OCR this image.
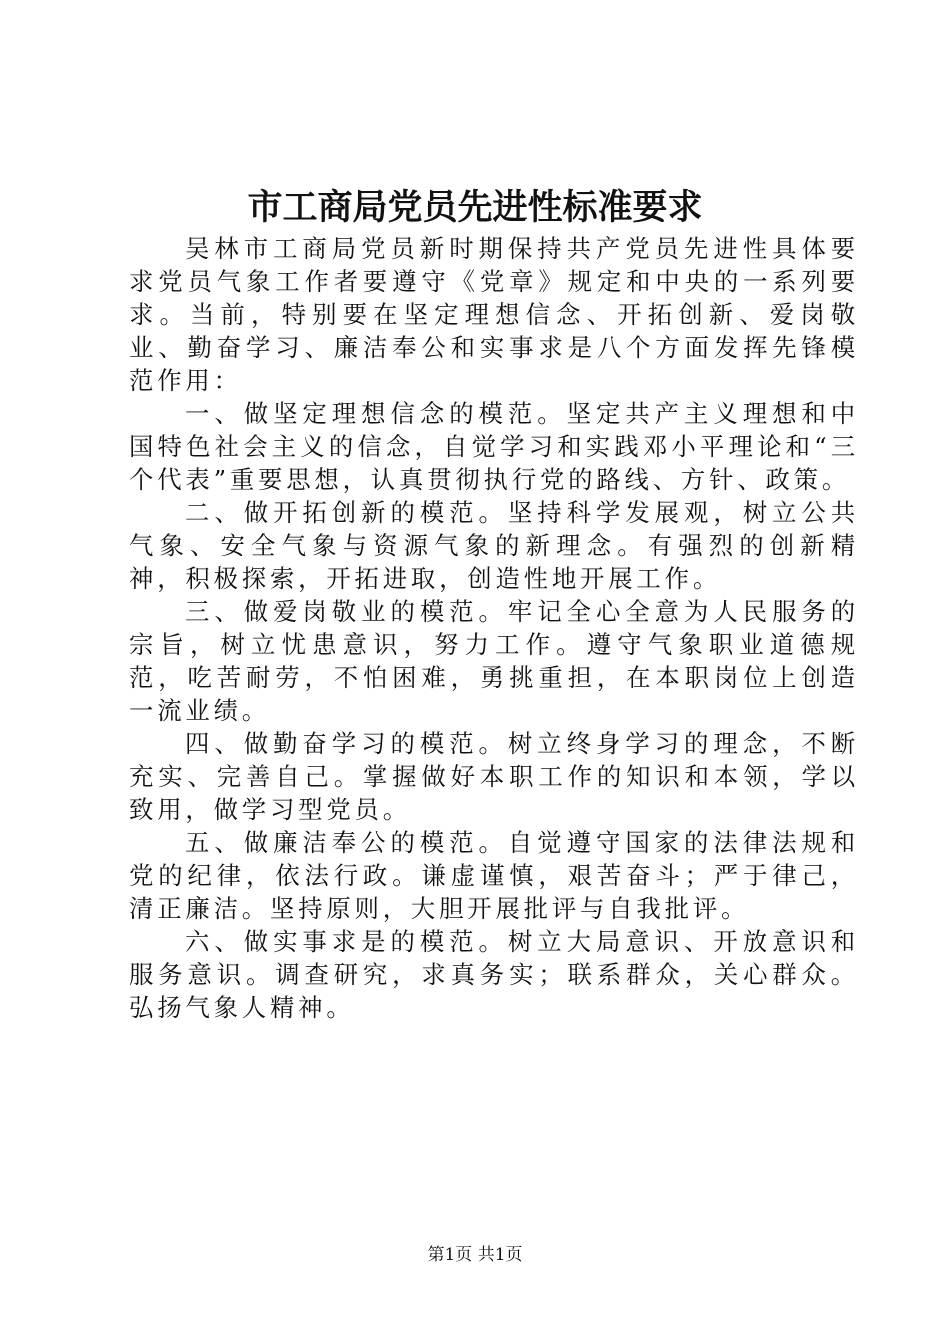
市工商局党员先进性标准要求

吴林市工商局党员新时期保持共产党员先进性具体要求党员气象工作者要遵守《党章》规定和中央的一系列要求。当前，特别要在坚定理想信念、开拓创新、爱岗敬业、勤奋学习、廉洁奉公和实事求是八个方面发挥先锋模范作用：

一、做坚定理想信念的模范。坚定共产主义理想和中国特色社会主义的信念，自觉学习和实践邓小平理论和“三个代表”重要思想，认真贯彻执行党的路线、方针、政策。

二、做开拓创新的模范。坚持科学发展观，树立公共气象、安全气象与资源气象的新理念。有强烈的创新精神，积极探索，开拓进取，创造性地开展工作。

三、做爱岗敬业的模范。牢记全心全意为人民服务的宗旨，树立忧患意识，努力工作。遵守气象职业道德规范，吃苦耐劳，不怕困难，勇挑重担，在本职岗位上创造一流业绩。

四、做勤奋学习的模范。树立终身学习的理念，不断充实、完善自己。掌握做好本职工作的知识和本领，学以致用，做学习型党员。

五、做廉洁奉公的模范。自觉遵守国家的法律法规和党的纪律，依法行政。谦虚谨慎，艰苦奋斗；严于律己，清正廉洁。坚持原则，大胆开展批评与自我批评。

六、做实事求是的模范。树立大局意识、开放意识和服务意识。调查研究，求真务实；联系群众，关心群众。弘扬气象人精神。

第1页 共1页
